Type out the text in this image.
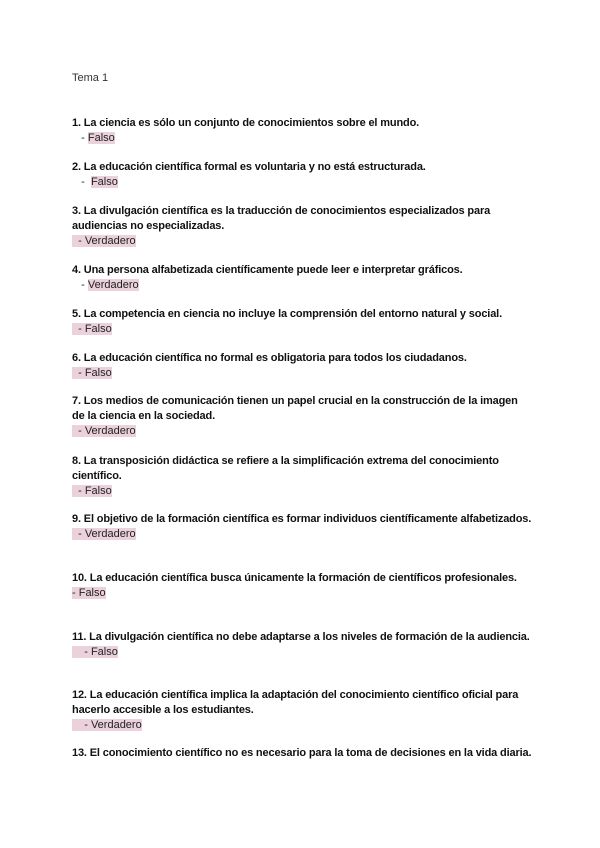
Tema 1
1. La ciencia es sólo un conjunto de conocimientos sobre el mundo.
- Falso
2. La educación científica formal es voluntaria y no está estructurada.
-  Falso
3. La divulgación científica es la traducción de conocimientos especializados para audiencias no especializadas.
- Verdadero
4. Una persona alfabetizada científicamente puede leer e interpretar gráficos.
- Verdadero
5. La competencia en ciencia no incluye la comprensión del entorno natural y social.
- Falso
6. La educación científica no formal es obligatoria para todos los ciudadanos.
- Falso
7. Los medios de comunicación tienen un papel crucial en la construcción de la imagen de la ciencia en la sociedad.
- Verdadero
8. La transposición didáctica se refiere a la simplificación extrema del conocimiento científico.
- Falso
9. El objetivo de la formación científica es formar individuos científicamente alfabetizados.
- Verdadero
10. La educación científica busca únicamente la formación de científicos profesionales.
- Falso
11. La divulgación científica no debe adaptarse a los niveles de formación de la audiencia.
- Falso
12. La educación científica implica la adaptación del conocimiento científico oficial para hacerlo accesible a los estudiantes.
- Verdadero
13. El conocimiento científico no es necesario para la toma de decisiones en la vida diaria.
